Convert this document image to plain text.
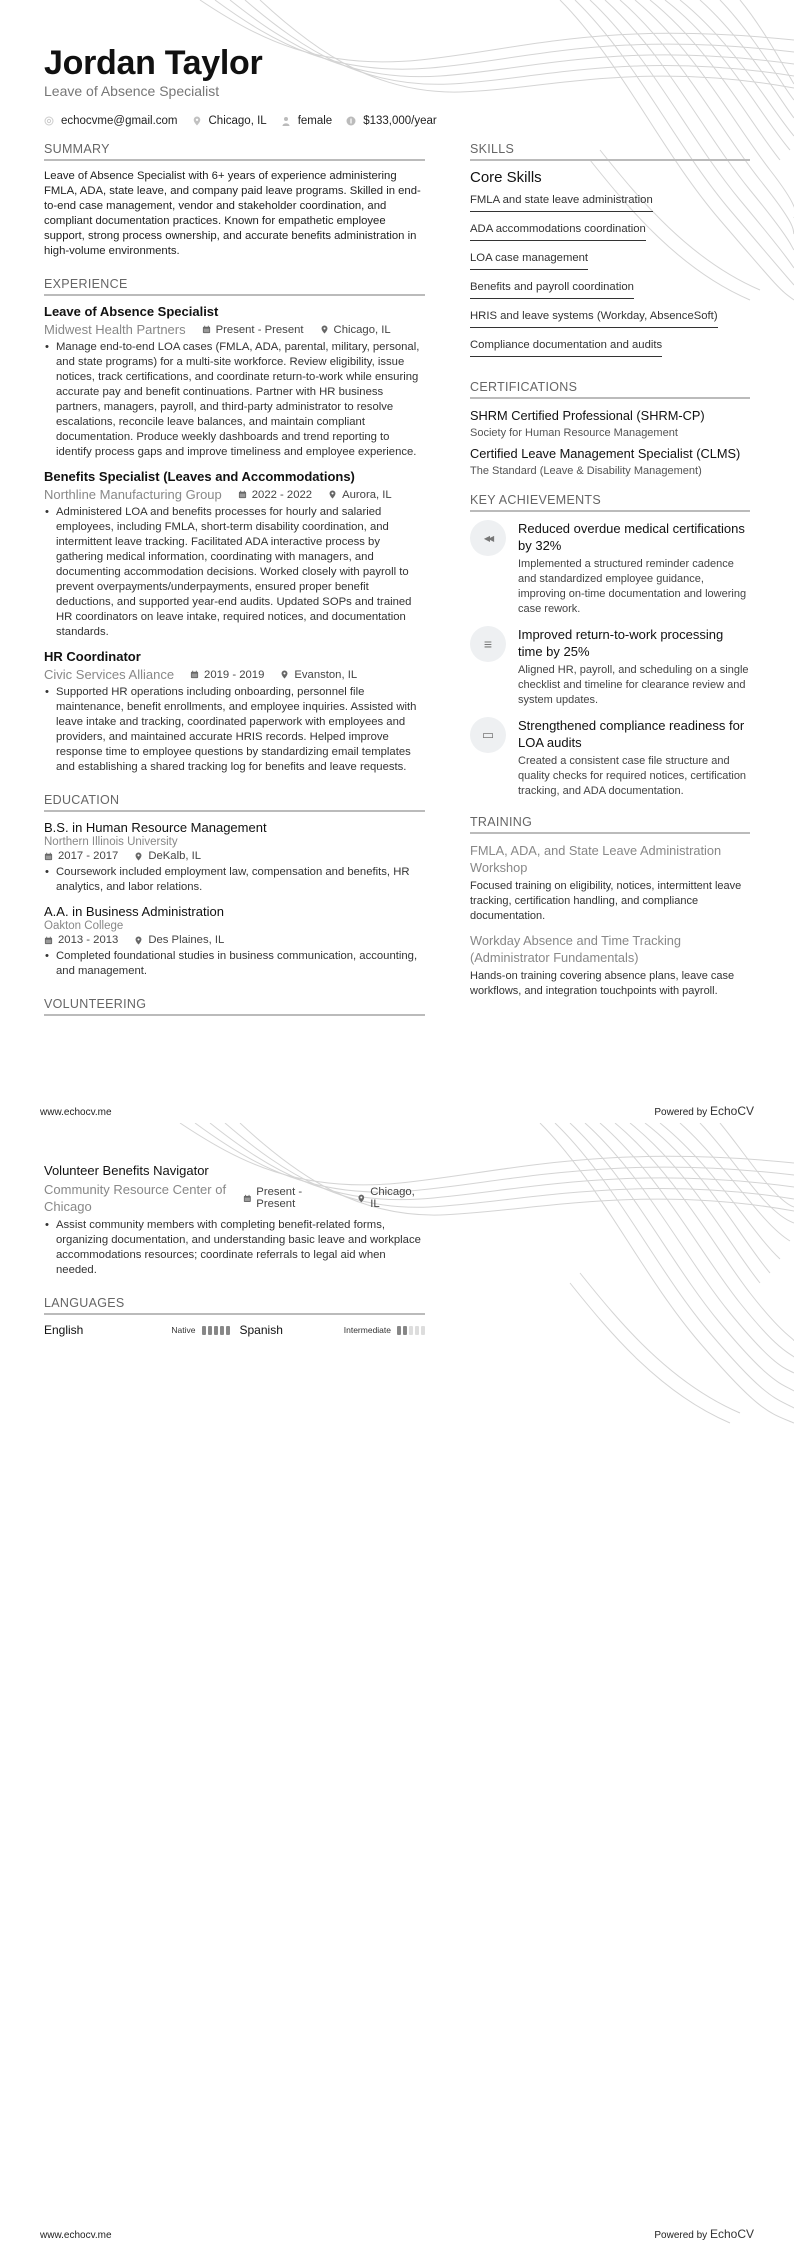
Jordan Taylor
Leave of Absence Specialist
echocvme@gmail.com	Chicago, IL	female	$133,000/year
SUMMARY
Leave of Absence Specialist with 6+ years of experience administering FMLA, ADA, state leave, and company paid leave programs. Skilled in end-to-end case management, vendor and stakeholder coordination, and compliant documentation practices. Known for empathetic employee support, strong process ownership, and accurate benefits administration in high-volume environments.
EXPERIENCE
Leave of Absence Specialist
Midwest Health Partners	Present - Present	Chicago, IL
• Manage end-to-end LOA cases (FMLA, ADA, parental, military, personal, and state programs) for a multi-site workforce. Review eligibility, issue notices, track certifications, and coordinate return-to-work while ensuring accurate pay and benefit continuations. Partner with HR business partners, managers, payroll, and third-party administrator to resolve escalations, reconcile leave balances, and maintain compliant documentation. Produce weekly dashboards and trend reporting to identify process gaps and improve timeliness and employee experience.
Benefits Specialist (Leaves and Accommodations)
Northline Manufacturing Group	2022 - 2022	Aurora, IL
• Administered LOA and benefits processes for hourly and salaried employees, including FMLA, short-term disability coordination, and intermittent leave tracking. Facilitated ADA interactive process by gathering medical information, coordinating with managers, and documenting accommodation decisions. Worked closely with payroll to prevent overpayments/underpayments, ensured proper benefit deductions, and supported year-end audits. Updated SOPs and trained HR coordinators on leave intake, required notices, and documentation standards.
HR Coordinator
Civic Services Alliance	2019 - 2019	Evanston, IL
• Supported HR operations including onboarding, personnel file maintenance, benefit enrollments, and employee inquiries. Assisted with leave intake and tracking, coordinated paperwork with employees and providers, and maintained accurate HRIS records. Helped improve response time to employee questions by standardizing email templates and establishing a shared tracking log for benefits and leave requests.
EDUCATION
B.S. in Human Resource Management
Northern Illinois University
2017 - 2017	DeKalb, IL
• Coursework included employment law, compensation and benefits, HR analytics, and labor relations.
A.A. in Business Administration
Oakton College
2013 - 2013	Des Plaines, IL
• Completed foundational studies in business communication, accounting, and management.
VOLUNTEERING
SKILLS
Core Skills
FMLA and state leave administration
ADA accommodations coordination
LOA case management
Benefits and payroll coordination
HRIS and leave systems (Workday, AbsenceSoft)
Compliance documentation and audits
CERTIFICATIONS
SHRM Certified Professional (SHRM-CP)
Society for Human Resource Management
Certified Leave Management Specialist (CLMS)
The Standard (Leave & Disability Management)
KEY ACHIEVEMENTS
◀◀
Reduced overdue medical certifications by 32%
Implemented a structured reminder cadence and standardized employee guidance, improving on-time documentation and lowering case rework.
≡
Improved return-to-work processing time by 25%
Aligned HR, payroll, and scheduling on a single checklist and timeline for clearance review and system updates.
▭
Strengthened compliance readiness for LOA audits
Created a consistent case file structure and quality checks for required notices, certification tracking, and ADA documentation.
TRAINING
FMLA, ADA, and State Leave Administration Workshop
Focused training on eligibility, notices, intermittent leave tracking, certification handling, and compliance documentation.
Workday Absence and Time Tracking (Administrator Fundamentals)
Hands-on training covering absence plans, leave case workflows, and integration touchpoints with payroll.
www.echocv.me	Powered by EchoCV
Volunteer Benefits Navigator
Community Resource Center of Chicago
Present - Present
Chicago, IL
• Assist community members with completing benefit-related forms, organizing documentation, and understanding basic leave and workplace accommodations resources; coordinate referrals to legal aid when needed.
LANGUAGES
English	Native	Spanish	Intermediate
www.echocv.me	Powered by EchoCV
